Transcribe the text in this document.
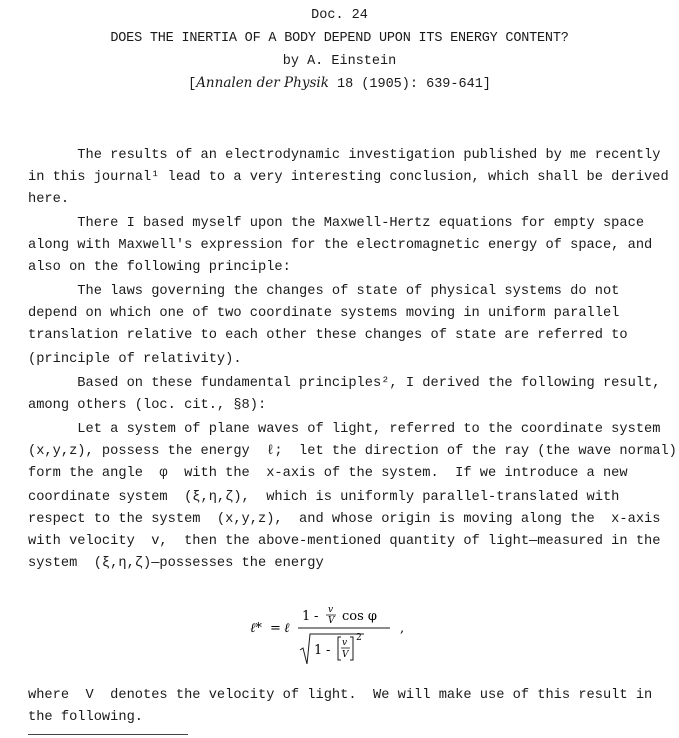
Doc. 24
DOES THE INERTIA OF A BODY DEPEND UPON ITS ENERGY CONTENT?
by A. Einstein
[Annalen der Physik 18 (1905): 639-641]
The results of an electrodynamic investigation published by me recently
in this journal¹ lead to a very interesting conclusion, which shall be derived
here.
There I based myself upon the Maxwell-Hertz equations for empty space
along with Maxwell's expression for the electromagnetic energy of space, and
also on the following principle:
The laws governing the changes of state of physical systems do not
depend on which one of two coordinate systems moving in uniform parallel
translation relative to each other these changes of state are referred to
(principle of relativity).
Based on these fundamental principles², I derived the following result,
among others (loc. cit., §8):
Let a system of plane waves of light, referred to the coordinate system
(x,y,z), possess the energy  ℓ;  let the direction of the ray (the wave normal)
form the angle  φ  with the  x-axis of the system.  If we introduce a new
coordinate system  (ξ,η,ζ),  which is uniformly parallel-translated with
respect to the system  (x,y,z),  and whose origin is moving along the  x-axis
with velocity  v,  then the above-mentioned quantity of light—measured in the
system  (ξ,η,ζ)—possesses the energy
ℓ* = ℓ
1 - v
V cos φ
1 - v
V
2
,
where  V  denotes the velocity of light.  We will make use of this result in
the following.
